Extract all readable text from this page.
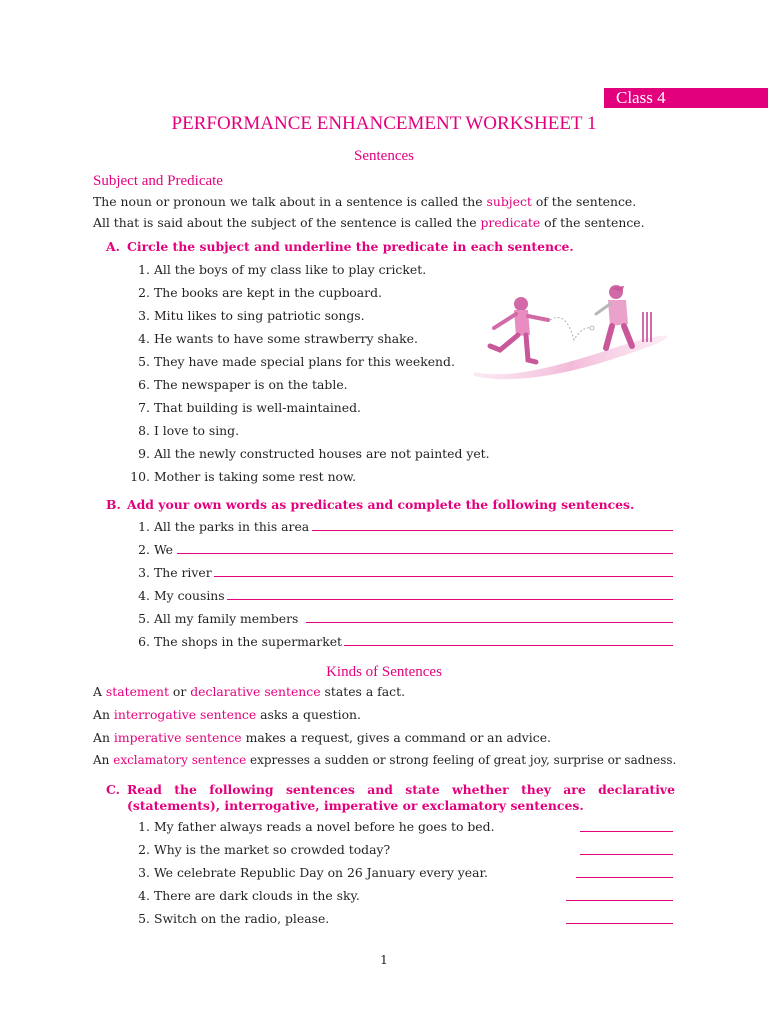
Class 4
PERFORMANCE ENHANCEMENT WORKSHEET 1
Sentences
Subject and Predicate
The noun or pronoun we talk about in a sentence is called the subject of the sentence.
All that is said about the subject of the sentence is called the predicate of the sentence.
A. Circle the subject and underline the predicate in each sentence.
1. All the boys of my class like to play cricket.
2. The books are kept in the cupboard.
3. Mitu likes to sing patriotic songs.
4. He wants to have some strawberry shake.
5. They have made special plans for this weekend.
6. The newspaper is on the table.
7. That building is well-maintained.
8. I love to sing.
9. All the newly constructed houses are not painted yet.
10. Mother is taking some rest now.
B. Add your own words as predicates and complete the following sentences.
1. All the parks in this area
2. We
3. The river
4. My cousins
5. All my family members
6. The shops in the supermarket
Kinds of Sentences
A statement or declarative sentence states a fact.
An interrogative sentence asks a question.
An imperative sentence makes a request, gives a command or an advice.
An exclamatory sentence expresses a sudden or strong feeling of great joy, surprise or sadness.
C. Read the following sentences and state whether they are declarative (statements), interrogative, imperative or exclamatory sentences.
1. My father always reads a novel before he goes to bed.
2. Why is the market so crowded today?
3. We celebrate Republic Day on 26 January every year.
4. There are dark clouds in the sky.
5. Switch on the radio, please.
1
